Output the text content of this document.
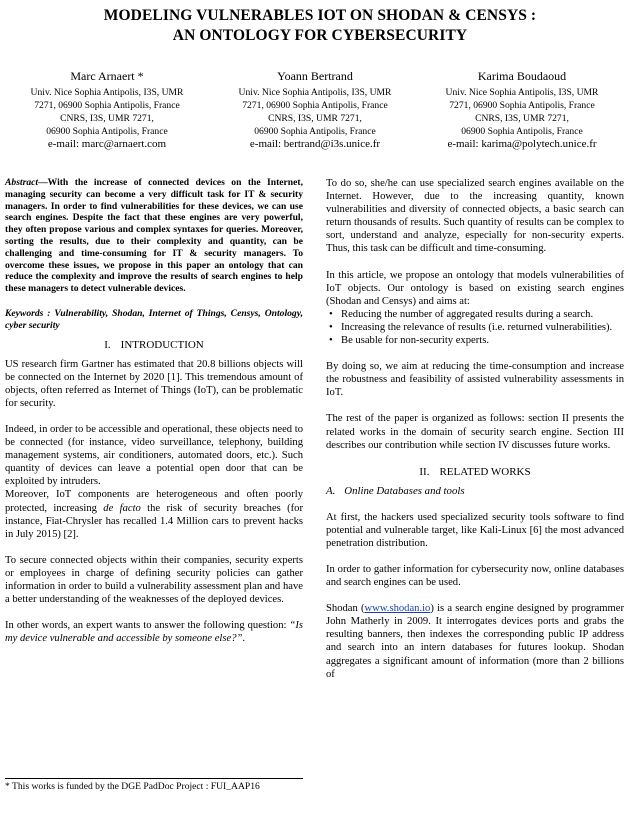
MODELING VULNERABLES IOT ON SHODAN & CENSYS :
AN ONTOLOGY FOR CYBERSECURITY
Marc Arnaert *
Univ. Nice Sophia Antipolis, I3S, UMR
7271, 06900 Sophia Antipolis, France
CNRS, I3S, UMR 7271,
06900 Sophia Antipolis, France
e-mail: marc@arnaert.com
Yoann Bertrand
Univ. Nice Sophia Antipolis, I3S, UMR
7271, 06900 Sophia Antipolis, France
CNRS, I3S, UMR 7271,
06900 Sophia Antipolis, France
e-mail: bertrand@i3s.unice.fr
Karima Boudaoud
Univ. Nice Sophia Antipolis, I3S, UMR
7271, 06900 Sophia Antipolis, France
CNRS, I3S, UMR 7271,
06900 Sophia Antipolis, France
e-mail: karima@polytech.unice.fr

Abstract—With the increase of connected devices on the Internet, managing security can become a very difficult task for IT & security managers. In order to find vulnerabilities for these devices, we can use search engines. Despite the fact that these engines are very powerful, they often propose various and complex syntaxes for queries. Moreover, sorting the results, due to their complexity and quantity, can be challenging and time-consuming for IT & security managers. To overcome these issues, we propose in this paper an ontology that can reduce the complexity and improve the results of search engines to help these managers to detect vulnerable devices.

Keywords : Vulnerability, Shodan, Internet of Things, Censys, Ontology, cyber security

I. INTRODUCTION

US research firm Gartner has estimated that 20.8 billions objects will be connected on the Internet by 2020 [1]. This tremendous amount of objects, often referred as Internet of Things (IoT), can be problematic for security.

Indeed, in order to be accessible and operational, these objects need to be connected (for instance, video surveillance, telephony, building management systems, air conditioners, automated doors, etc.). Such quantity of devices can leave a potential open door that can be exploited by intruders.

Moreover, IoT components are heterogeneous and often poorly protected, increasing de facto the risk of security breaches (for instance, Fiat-Chrysler has recalled 1.4 Million cars to prevent hacks in July 2015) [2].

To secure connected objects within their companies, security experts or employees in charge of defining security policies can gather information in order to build a vulnerability assessment plan and have a better understanding of the weaknesses of the deployed devices.

In other words, an expert wants to answer the following question: “Is my device vulnerable and accessible by someone else?”.

* This works is funded by the DGE PadDoc Project : FUI_AAP16

To do so, she/he can use specialized search engines available on the Internet. However, due to the increasing quantity, known vulnerabilities and diversity of connected objects, a basic search can return thousands of results. Such quantity of results can be complex to sort, understand and analyze, especially for non-security experts. Thus, this task can be difficult and time-consuming.

In this article, we propose an ontology that models vulnerabilities of IoT objects. Our ontology is based on existing search engines (Shodan and Censys) and aims at:

• Reducing the number of aggregated results during a search.
• Increasing the relevance of results (i.e. returned vulnerabilities).
• Be usable for non-security experts.

By doing so, we aim at reducing the time-consumption and increase the robustness and feasibility of assisted vulnerability assessments in IoT.

The rest of the paper is organized as follows: section II presents the related works in the domain of security search engine. Section III describes our contribution while section IV discusses future works.

II. RELATED WORKS

A. Online Databases and tools

At first, the hackers used specialized security tools software to find potential and vulnerable target, like Kali-Linux [6] the most advanced penetration distribution.

In order to gather information for cybersecurity now, online databases and search engines can be used.

Shodan (www.shodan.io) is a search engine designed by programmer John Matherly in 2009. It interrogates devices ports and grabs the resulting banners, then indexes the corresponding public IP address and search into an intern databases for futures lookup. Shodan aggregates a significant amount of information (more than 2 billions of
